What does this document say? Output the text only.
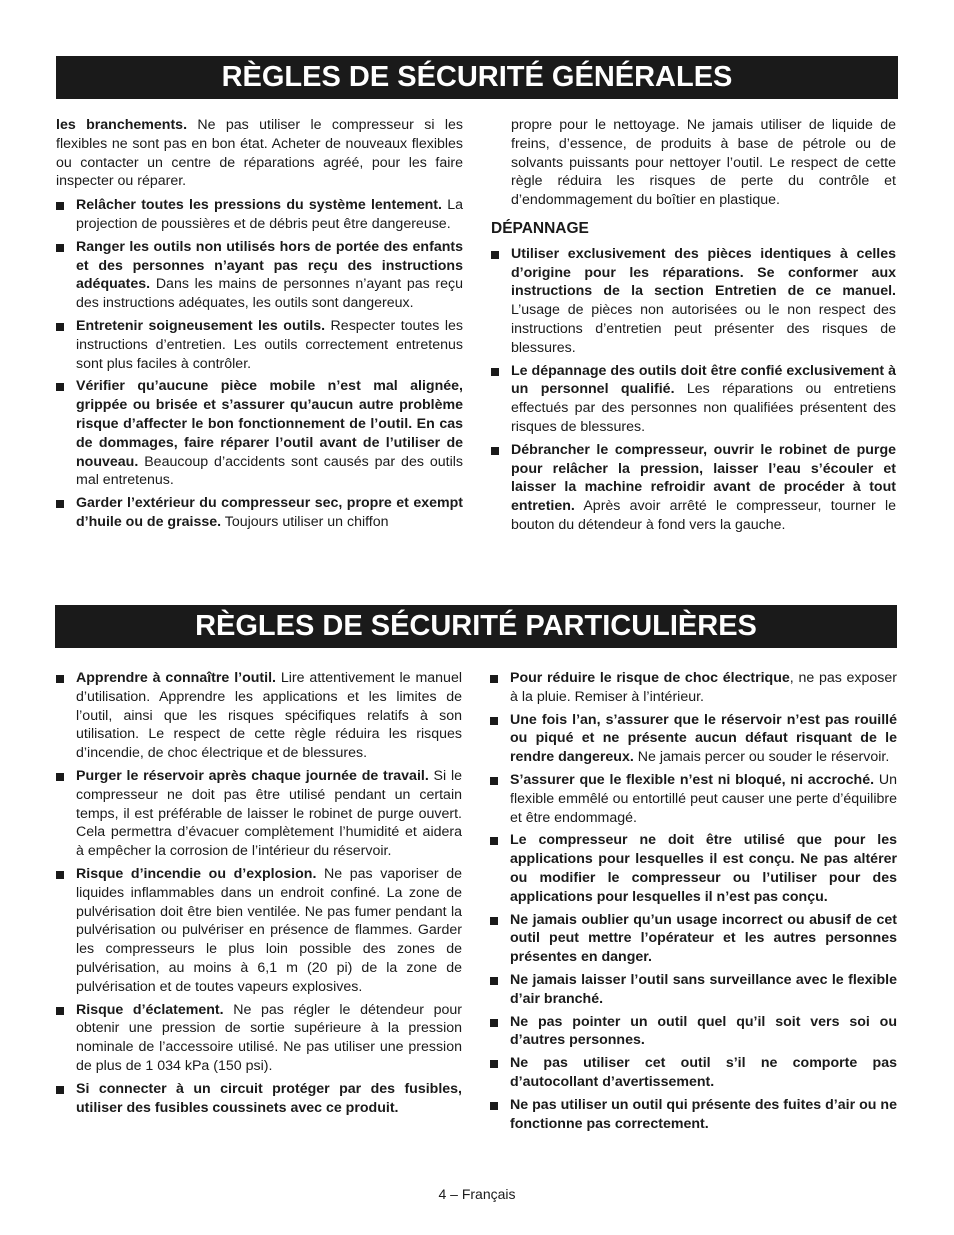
RÈGLES DE SÉCURITÉ GÉNÉRALES

les branchements. Ne pas utiliser le compresseur si les flexibles ne sont pas en bon état. Acheter de nouveaux flexibles ou contacter un centre de réparations agréé, pour les faire inspecter ou réparer.

Relâcher toutes les pressions du système lentement. La projection de poussières et de débris peut être dangereuse.
Ranger les outils non utilisés hors de portée des enfants et des personnes n’ayant pas reçu des instructions adéquates. Dans les mains de personnes n’ayant pas reçu des instructions adéquates, les outils sont dangereux.
Entretenir soigneusement les outils. Respecter toutes les instructions d’entretien. Les outils correctement entretenus sont plus faciles à contrôler.
Vérifier qu’aucune pièce mobile n’est mal alignée, grippée ou brisée et s’assurer qu’aucun autre problème risque d’affecter le bon fonctionnement de l’outil. En cas de dommages, faire réparer l’outil avant de l’utiliser de nouveau. Beaucoup d’accidents sont causés par des outils mal entretenus.
Garder l’extérieur du compresseur sec, propre et exempt d’huile ou de graisse. Toujours utiliser un chiffon

propre pour le nettoyage. Ne jamais utiliser de liquide de freins, d’essence, de produits à base de pétrole ou de solvants puissants pour nettoyer l’outil. Le respect de cette règle réduira les risques de perte du contrôle et d’endommagement du boîtier en plastique.

DÉPANNAGE
Utiliser exclusivement des pièces identiques à celles d’origine pour les réparations. Se conformer aux instructions de la section Entretien de ce manuel. L’usage de pièces non autorisées ou le non respect des instructions d’entretien peut présenter des risques de blessures.
Le dépannage des outils doit être confié exclusivement à un personnel qualifié. Les réparations ou entretiens effectués par des personnes non qualifiées présentent des risques de blessures.
Débrancher le compresseur, ouvrir le robinet de purge pour relâcher la pression, laisser l’eau s’écouler et laisser la machine refroidir avant de procéder à tout entretien. Après avoir arrêté le compresseur, tourner le bouton du détendeur à fond vers la gauche.
RÈGLES DE SÉCURITÉ PARTICULIÈRES
Apprendre à connaître l’outil. Lire attentivement le manuel d’utilisation. Apprendre les applications et les limites de l’outil, ainsi que les risques spécifiques relatifs à son utilisation. Le respect de cette règle réduira les risques d’incendie, de choc électrique et de blessures.
Purger le réservoir après chaque journée de travail. Si le compresseur ne doit pas être utilisé pendant un certain temps, il est préférable de laisser le robinet de purge ouvert. Cela permettra d’évacuer complètement l’humidité et aidera à empêcher la corrosion de l’intérieur du réservoir.
Risque d’incendie ou d’explosion. Ne pas vaporiser de liquides inflammables dans un endroit confiné. La zone de pulvérisation doit être bien ventilée. Ne pas fumer pendant la pulvérisation ou pulvériser en présence de flammes. Garder les compresseurs le plus loin possible des zones de pulvérisation, au moins à 6,1 m (20 pi) de la zone de pulvérisation et de toutes vapeurs explosives.
Risque d’éclatement. Ne pas régler le détendeur pour obtenir une pression de sortie supérieure à la pression nominale de l’accessoire utilisé. Ne pas utiliser une pression de plus de 1 034 kPa (150 psi).
Si connecter à un circuit protéger par des fusibles, utiliser des fusibles coussinets avec ce produit.
Pour réduire le risque de choc électrique, ne pas exposer à la pluie. Remiser à l’intérieur.
Une fois l’an, s’assurer que le réservoir n’est pas rouillé ou piqué et ne présente aucun défaut risquant de le rendre dangereux. Ne jamais percer ou souder le réservoir.
S’assurer que le flexible n’est ni bloqué, ni accroché. Un flexible emmêlé ou entortillé peut causer une perte d’équilibre et être endommagé.
Le compresseur ne doit être utilisé que pour les applications pour lesquelles il est conçu. Ne pas altérer ou modifier le compresseur ou l’utiliser pour des applications pour lesquelles il n’est pas conçu.
Ne jamais oublier qu’un usage incorrect ou abusif de cet outil peut mettre l’opérateur et les autres personnes présentes en danger.
Ne jamais laisser l’outil sans surveillance avec le flexible d’air branché.
Ne pas pointer un outil quel qu’il soit vers soi ou d’autres personnes.
Ne pas utiliser cet outil s’il ne comporte pas d’autocollant d’avertissement.
Ne pas utiliser un outil qui présente des fuites d’air ou ne fonctionne pas correctement.
4 – Français
